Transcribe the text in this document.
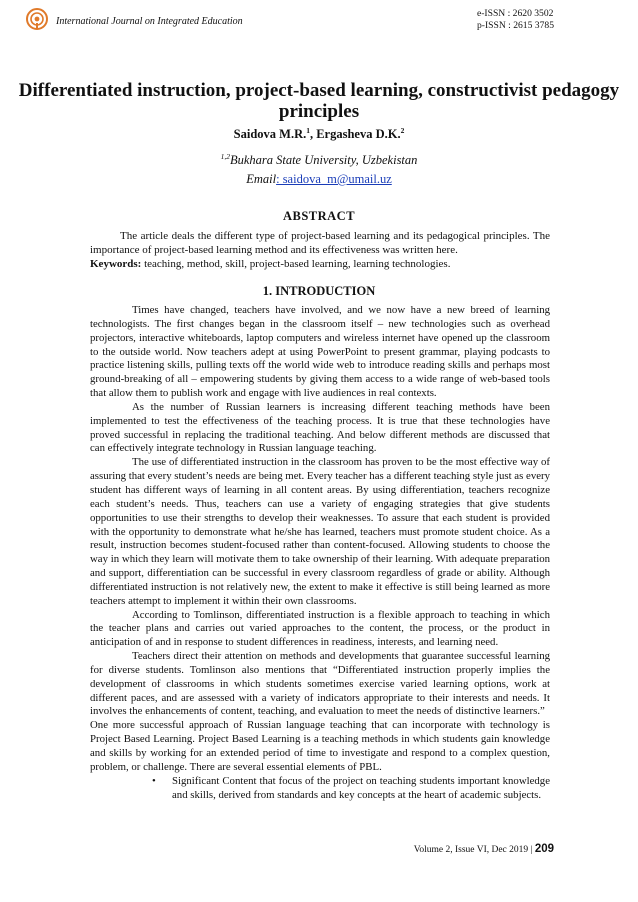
International Journal on Integrated Education
e-ISSN : 2620 3502
p-ISSN : 2615 3785
Differentiated instruction, project-based learning, constructivist pedagogy principles
Saidova M.R.$^1$, Ergasheva D.K.$^2$
$^{1,2}$Bukhara State University, Uzbekistan
Email: saidova_m@umail.uz
ABSTRACT

The article deals the different type of project-based learning and its pedagogical principles. The importance of project-based learning method and its effectiveness was written here.

Keywords: teaching, method, skill, project-based learning, learning technologies.
1. INTRODUCTION

Times have changed, teachers have involved, and we now have a new breed of learning technologists. The first changes began in the classroom itself – new technologies such as overhead projectors, interactive whiteboards, laptop computers and wireless internet have opened up the classroom to the outside world. Now teachers adept at using PowerPoint to present grammar, playing podcasts to practice listening skills, pulling texts off the world wide web to introduce reading skills and perhaps most ground-breaking of all – empowering students by giving them access to a wide range of web-based tools that allow them to publish work and engage with live audiences in real contexts.

As the number of Russian learners is increasing different teaching methods have been implemented to test the effectiveness of the teaching process. It is true that these technologies have proved successful in replacing the traditional teaching. And below different methods are discussed that can effectively integrate technology in Russian language teaching.

The use of differentiated instruction in the classroom has proven to be the most effective way of assuring that every student’s needs are being met. Every teacher has a different teaching style just as every student has different ways of learning in all content areas. By using differentiation, teachers recognize each student’s needs. Thus, teachers can use a variety of engaging strategies that give students opportunities to use their strengths to develop their weaknesses. To assure that each student is provided with the opportunity to demonstrate what he/she has learned, teachers must promote student choice. As a result, instruction becomes student-focused rather than content-focused. Allowing students to choose the way in which they learn will motivate them to take ownership of their learning. With adequate preparation and support, differentiation can be successful in every classroom regardless of grade or ability. Although differentiated instruction is not relatively new, the extent to make it effective is still being learned as more teachers attempt to implement it within their own classrooms.

According to Tomlinson, differentiated instruction is a flexible approach to teaching in which the teacher plans and carries out varied approaches to the content, the process, or the product in anticipation of and in response to student differences in readiness, interests, and learning need.

Teachers direct their attention on methods and developments that guarantee successful learning for diverse students. Tomlinson also mentions that “Differentiated instruction properly implies the development of classrooms in which students sometimes exercise varied learning options, work at different paces, and are assessed with a variety of indicators appropriate to their interests and needs. It involves the enhancements of content, teaching, and evaluation to meet the needs of distinctive learners.”

One more successful approach of Russian language teaching that can incorporate with technology is Project Based Learning. Project Based Learning is a teaching methods in which students gain knowledge and skills by working for an extended period of time to investigate and respond to a complex question, problem, or challenge. There are several essential elements of PBL.

• Significant Content that focus of the project on teaching students important knowledge and skills, derived from standards and key concepts at the heart of academic subjects.
Volume 2, Issue VI, Dec 2019 | 209
